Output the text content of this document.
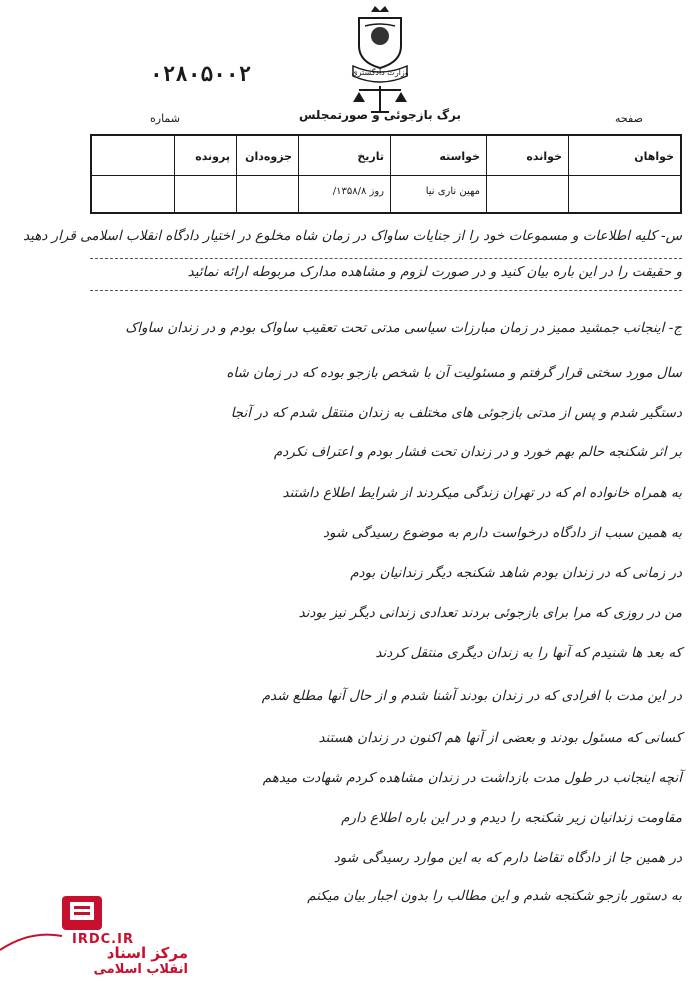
وزارت دادگستری
۰۲۸۰۵۰۰۲
برگ بازجوئی و صورتمجلس
شماره	صفحه
خواهان
خوانده
خواسته
تاریخ
جزوه‌دان
پرونده
مهین ناری نیا
روز ۱۳۵۸/۸/
س- کلیه اطلاعات و مسموعات خود را از جنایات ساواک در زمان شاه مخلوع در اختیار دادگاه انقلاب اسلامی قرار دهید
و حقیقت را در این باره بیان کنید و در صورت لزوم و مشاهده مدارک مربوطه ارائه نمائید
ج- اینجانب جمشید ممیز در زمان مبارزات سیاسی مدتی تحت تعقیب ساواک بودم و در زندان ساواک
سال مورد سختی قرار گرفتم و مسئولیت آن با شخص بازجو بوده که در زمان شاه
دستگیر شدم و پس از مدتی بازجوئی های مختلف به زندان منتقل شدم که در آنجا
بر اثر شکنجه حالم بهم خورد و در زندان تحت فشار بودم و اعتراف نکردم
به همراه خانواده ام که در تهران زندگی میکردند از شرایط اطلاع داشتند
به همین سبب از دادگاه درخواست دارم به موضوع رسیدگی شود
در زمانی که در زندان بودم شاهد شکنجه دیگر زندانیان بودم
من در روزی که مرا برای بازجوئی بردند تعدادی زندانی دیگر نیز بودند
که بعد ها شنیدم که آنها را به زندان دیگری منتقل کردند
در این مدت با افرادی که در زندان بودند آشنا شدم و از حال آنها مطلع شدم
کسانی که مسئول بودند و بعضی از آنها هم اکنون در زندان هستند
آنچه اینجانب در طول مدت بازداشت در زندان مشاهده کردم شهادت میدهم
مقاومت زندانیان زیر شکنجه را دیدم و در این باره اطلاع دارم
در همین جا از دادگاه تقاضا دارم که به این موارد رسیدگی شود
به دستور بازجو شکنجه شدم و این مطالب را بدون اجبار بیان میکنم
IRDC.IR
مرکز اسناد
انقلاب اسلامی
